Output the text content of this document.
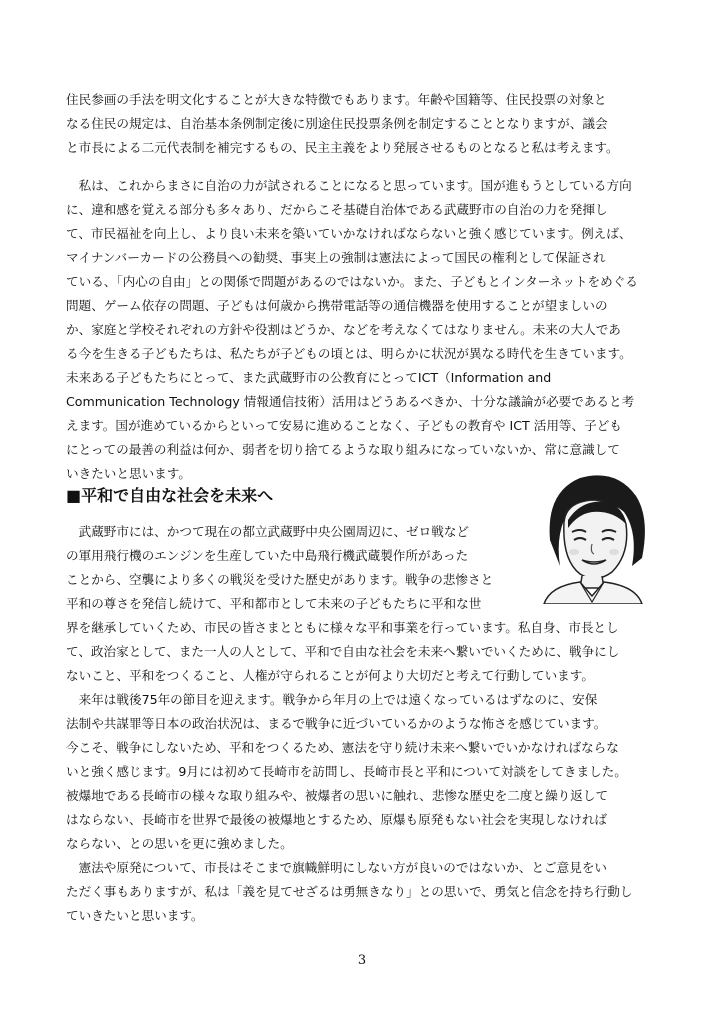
住民参画の手法を明文化することが大きな特徴でもあります。年齢や国籍等、住民投票の対象と
なる住民の規定は、自治基本条例制定後に別途住民投票条例を制定することとなりますが、議会
と市長による二元代表制を補完するもの、民主主義をより発展させるものとなると私は考えます。
　私は、これからまさに自治の力が試されることになると思っています。国が進もうとしている方向
に、違和感を覚える部分も多々あり、だからこそ基礎自治体である武蔵野市の自治の力を発揮し
て、市民福祉を向上し、より良い未来を築いていかなければならないと強く感じています。例えば、
マイナンバーカードの公務員への勧奨、事実上の強制は憲法によって国民の権利として保証され
ている、「内心の自由」との関係で問題があるのではないか。また、子どもとインターネットをめぐる
問題、ゲーム依存の問題、子どもは何歳から携帯電話等の通信機器を使用することが望ましいの
か、家庭と学校それぞれの方針や役割はどうか、などを考えなくてはなりません。未来の大人であ
る今を生きる子どもたちは、私たちが子どもの頃とは、明らかに状況が異なる時代を生きています。
未来ある子どもたちにとって、また武蔵野市の公教育にとってICT（Information and
Communication Technology 情報通信技術）活用はどうあるべきか、十分な議論が必要であると考
えます。国が進めているからといって安易に進めることなく、子どもの教育や ICT 活用等、子ども
にとっての最善の利益は何か、弱者を切り捨てるような取り組みになっていないか、常に意識して
いきたいと思います。
■平和で自由な社会を未来へ
　武蔵野市には、かつて現在の都立武蔵野中央公園周辺に、ゼロ戦など
の軍用飛行機のエンジンを生産していた中島飛行機武蔵製作所があった
ことから、空襲により多くの戦災を受けた歴史があります。戦争の悲惨さと
平和の尊さを発信し続けて、平和都市として未来の子どもたちに平和な世
界を継承していくため、市民の皆さまとともに様々な平和事業を行っています。私自身、市長とし
て、政治家として、また一人の人として、平和で自由な社会を未来へ繋いでいくために、戦争にし
ないこと、平和をつくること、人権が守られることが何より大切だと考えて行動しています。
　来年は戦後75年の節目を迎えます。戦争から年月の上では遠くなっているはずなのに、安保
法制や共謀罪等日本の政治状況は、まるで戦争に近づいているかのような怖さを感じています。
今こそ、戦争にしないため、平和をつくるため、憲法を守り続け未来へ繋いでいかなければならな
いと強く感じます。9月には初めて長崎市を訪問し、長崎市長と平和について対談をしてきました。
被爆地である長崎市の様々な取り組みや、被爆者の思いに触れ、悲惨な歴史を二度と繰り返して
はならない、長崎市を世界で最後の被爆地とするため、原爆も原発もない社会を実現しなければ
ならない、との思いを更に強めました。
　憲法や原発について、市長はそこまで旗幟鮮明にしない方が良いのではないか、とご意見をい
ただく事もありますが、私は「義を見てせざるは勇無きなり」との思いで、勇気と信念を持ち行動し
ていきたいと思います。
3
